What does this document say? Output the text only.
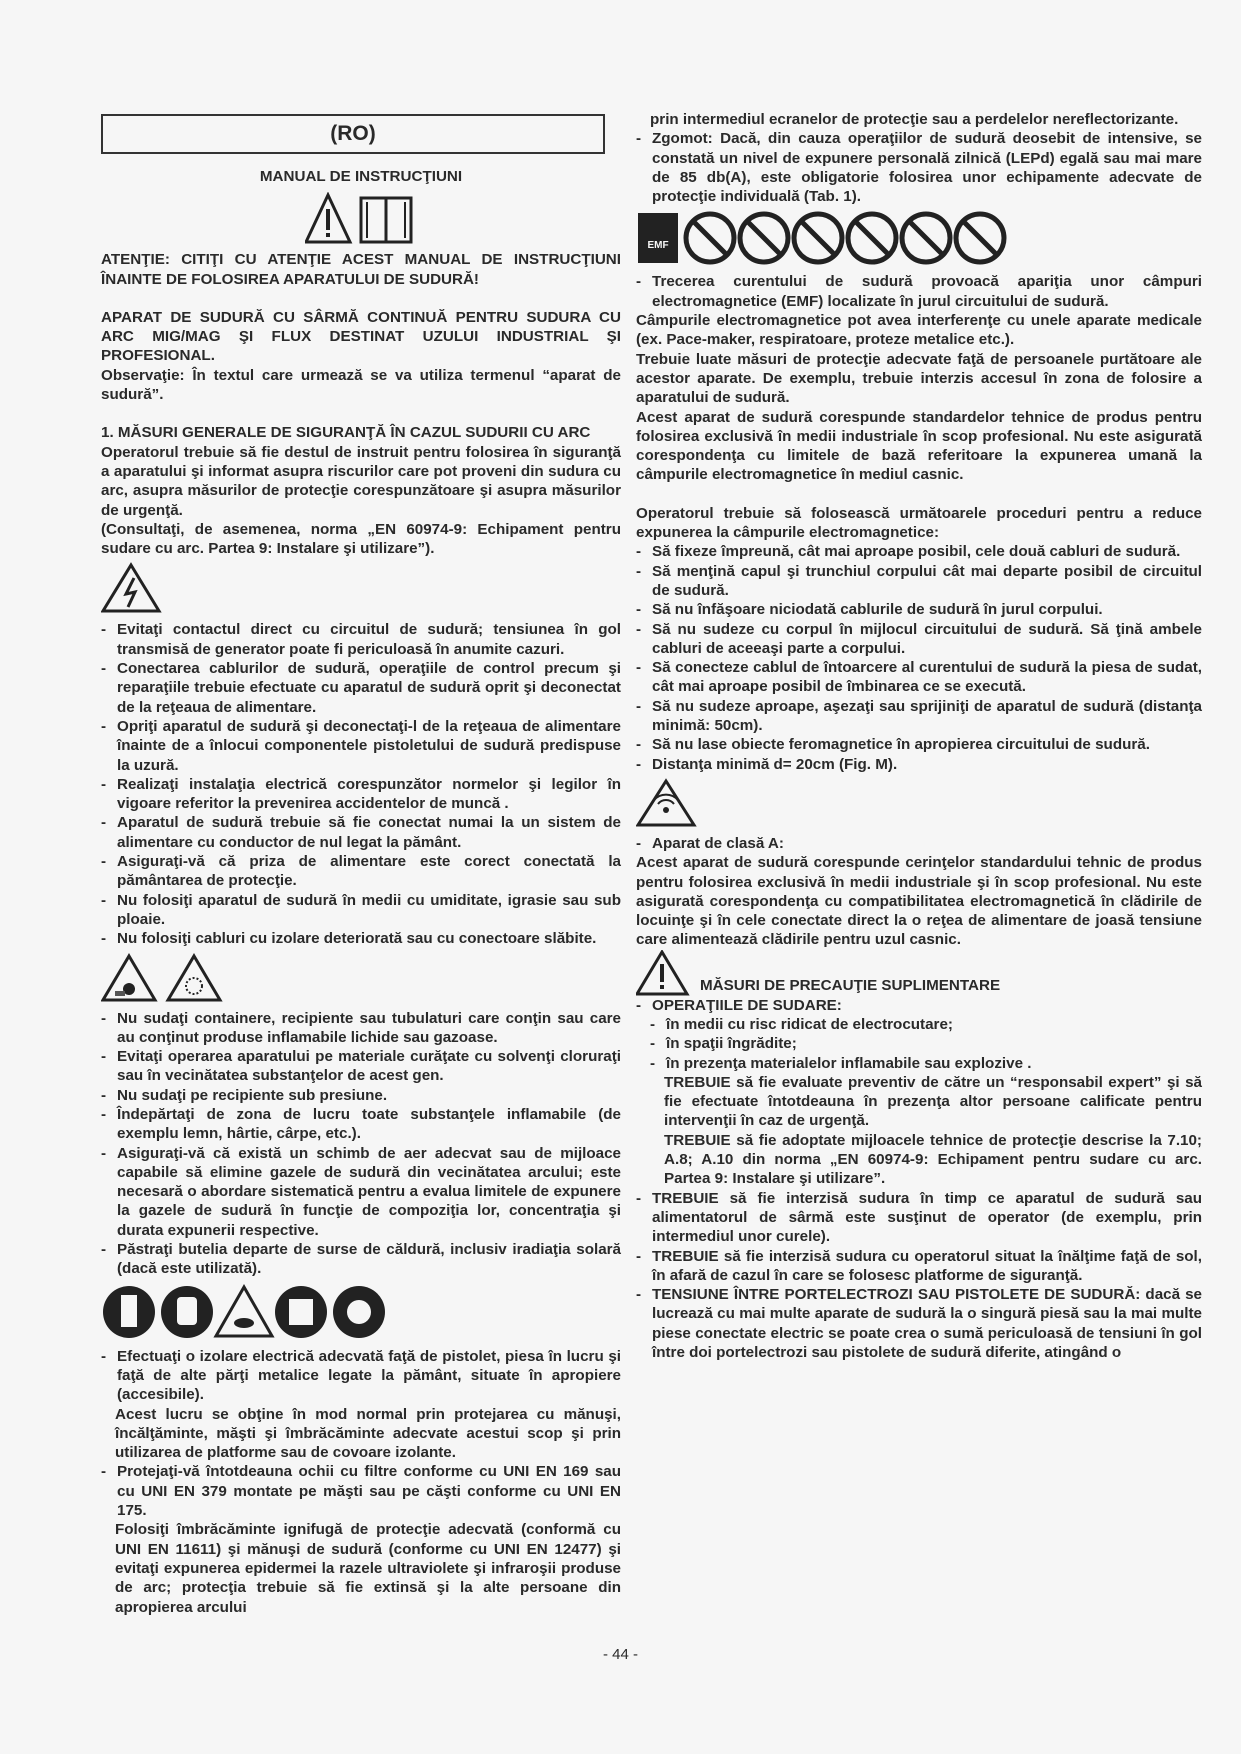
(RO)
MANUAL DE INSTRUCŢIUNI

ATENŢIE: CITIŢI CU ATENŢIE ACEST MANUAL DE INSTRUCŢIUNI ÎNAINTE DE FOLOSIREA APARATULUI DE SUDURĂ!

APARAT DE SUDURĂ CU SÂRMĂ CONTINUĂ PENTRU SUDURA CU ARC MIG/MAG ŞI FLUX DESTINAT UZULUI INDUSTRIAL ŞI PROFESIONAL.

Observaţie: În textul care urmează se va utiliza termenul “aparat de sudură”.

1. MĂSURI GENERALE DE SIGURANŢĂ ÎN CAZUL SUDURII CU ARC

Operatorul trebuie să fie destul de instruit pentru folosirea în siguranţă a aparatului şi informat asupra riscurilor care pot proveni din sudura cu arc, asupra măsurilor de protecţie corespunzătoare şi asupra măsurilor de urgenţă.

(Consultaţi, de asemenea, norma „EN 60974-9: Echipament pentru sudare cu arc. Partea 9: Instalare şi utilizare”).

- Evitaţi contactul direct cu circuitul de sudură; tensiunea în gol transmisă de generator poate fi periculoasă în anumite cazuri.
- Conectarea cablurilor de sudură, operaţiile de control precum şi reparaţiile trebuie efectuate cu aparatul de sudură oprit şi deconectat de la reţeaua de alimentare.
- Opriţi aparatul de sudură şi deconectaţi-l de la reţeaua de alimentare înainte de a înlocui componentele pistoletului de sudură predispuse la uzură.
- Realizaţi instalaţia electrică corespunzător normelor şi legilor în vigoare referitor la prevenirea accidentelor de muncă .
- Aparatul de sudură trebuie să fie conectat numai la un sistem de alimentare cu conductor de nul legat la pământ.
- Asiguraţi-vă că priza de alimentare este corect conectată la pământarea de protecţie.
- Nu folosiţi aparatul de sudură în medii cu umiditate, igrasie sau sub ploaie.
- Nu folosiţi cabluri cu izolare deteriorată sau cu conectoare slăbite.
- Nu sudaţi containere, recipiente sau tubulaturi care conţin sau care au conţinut produse inflamabile lichide sau gazoase.
- Evitaţi operarea aparatului pe materiale curăţate cu solvenţi cloruraţi sau în vecinătatea substanţelor de acest gen.
- Nu sudaţi pe recipiente sub presiune.
- Îndepărtaţi de zona de lucru toate substanţele inflamabile (de exemplu lemn, hârtie, cârpe, etc.).
- Asiguraţi-vă că există un schimb de aer adecvat sau de mijloace capabile să elimine gazele de sudură din vecinătatea arcului; este necesară o abordare sistematică pentru a evalua limitele de expunere la gazele de sudură în funcţie de compoziţia lor, concentraţia şi durata expunerii respective.
- Păstraţi butelia departe de surse de căldură, inclusiv iradiaţia solară (dacă este utilizată).
- Efectuaţi o izolare electrică adecvată faţă de pistolet, piesa în lucru şi faţă de alte părţi metalice legate la pământ, situate în apropiere (accesibile).

Acest lucru se obţine în mod normal prin protejarea cu mănuşi, încălţăminte, măşti şi îmbrăcăminte adecvate acestui scop şi prin utilizarea de platforme sau de covoare izolante.

- Protejaţi-vă întotdeauna ochii cu filtre conforme cu UNI EN 169 sau cu UNI EN 379 montate pe măşti sau pe căşti conforme cu UNI EN 175.

Folosiţi îmbrăcăminte ignifugă de protecţie adecvată (conformă cu UNI EN 11611) şi mănuşi de sudură (conforme cu UNI EN 12477) şi evitaţi expunerea epidermei la razele ultraviolete şi infraroşii produse de arc; protecţia trebuie să fie extinsă şi la alte persoane din apropierea arcului

prin intermediul ecranelor de protecţie sau a perdelelor nereflectorizante.

- Zgomot: Dacă, din cauza operaţiilor de sudură deosebit de intensive, se constată un nivel de expunere personală zilnică (LEPd) egală sau mai mare de 85 db(A), este obligatorie folosirea unor echipamente adecvate de protecţie individuală (Tab. 1).
EMF
- Trecerea curentului de sudură provoacă apariţia unor câmpuri electromagnetice (EMF) localizate în jurul circuitului de sudură.

Câmpurile electromagnetice pot avea interferenţe cu unele aparate medicale (ex. Pace-maker, respiratoare, proteze metalice etc.).

Trebuie luate măsuri de protecţie adecvate faţă de persoanele purtătoare ale acestor aparate. De exemplu, trebuie interzis accesul în zona de folosire a aparatului de sudură.

Acest aparat de sudură corespunde standardelor tehnice de produs pentru folosirea exclusivă în medii industriale în scop profesional. Nu este asigurată corespondenţa cu limitele de bază referitoare la expunerea umană la câmpurile electromagnetice în mediul casnic.

Operatorul trebuie să folosească următoarele proceduri pentru a reduce expunerea la câmpurile electromagnetice:

- Să fixeze împreună, cât mai aproape posibil, cele două cabluri de sudură.
- Să menţină capul şi trunchiul corpului cât mai departe posibil de circuitul de sudură.
- Să nu înfăşoare niciodată cablurile de sudură în jurul corpului.
- Să nu sudeze cu corpul în mijlocul circuitului de sudură. Să ţină ambele cabluri de aceeaşi parte a corpului.
- Să conecteze cablul de întoarcere al curentului de sudură la piesa de sudat, cât mai aproape posibil de îmbinarea ce se execută.
- Să nu sudeze aproape, aşezaţi sau sprijiniţi de aparatul de sudură (distanţa minimă: 50cm).
- Să nu lase obiecte feromagnetice în apropierea circuitului de sudură.
- Distanţa minimă d= 20cm (Fig. M).
- Aparat de clasă A:

Acest aparat de sudură corespunde cerinţelor standardului tehnic de produs pentru folosirea exclusivă în medii industriale şi în scop profesional. Nu este asigurată corespondenţa cu compatibilitatea electromagnetică în clădirile de locuinţe şi în cele conectate direct la o reţea de alimentare de joasă tensiune care alimentează clădirile pentru uzul casnic.

MĂSURI DE PRECAUŢIE SUPLIMENTARE
- OPERAŢIILE DE SUDARE:
- în medii cu risc ridicat de electrocutare;
- în spaţii îngrădite;
- în prezenţa materialelor inflamabile sau explozive .

TREBUIE să fie evaluate preventiv de către un “responsabil expert” şi să fie efectuate întotdeauna în prezenţa altor persoane calificate pentru intervenţii în caz de urgenţă.

TREBUIE să fie adoptate mijloacele tehnice de protecţie descrise la 7.10; A.8; A.10 din norma „EN 60974-9: Echipament pentru sudare cu arc. Partea 9: Instalare şi utilizare”.

- TREBUIE să fie interzisă sudura în timp ce aparatul de sudură sau alimentatorul de sârmă este susţinut de operator (de exemplu, prin intermediul unor curele).
- TREBUIE să fie interzisă sudura cu operatorul situat la înălţime faţă de sol, în afară de cazul în care se folosesc platforme de siguranţă.
- TENSIUNE ÎNTRE PORTELECTROZI SAU PISTOLETE DE SUDURĂ: dacă se lucrează cu mai multe aparate de sudură la o singură piesă sau la mai multe piese conectate electric se poate crea o sumă periculoasă de tensiuni în gol între doi portelectrozi sau pistolete de sudură diferite, atingând o
- 44 -
